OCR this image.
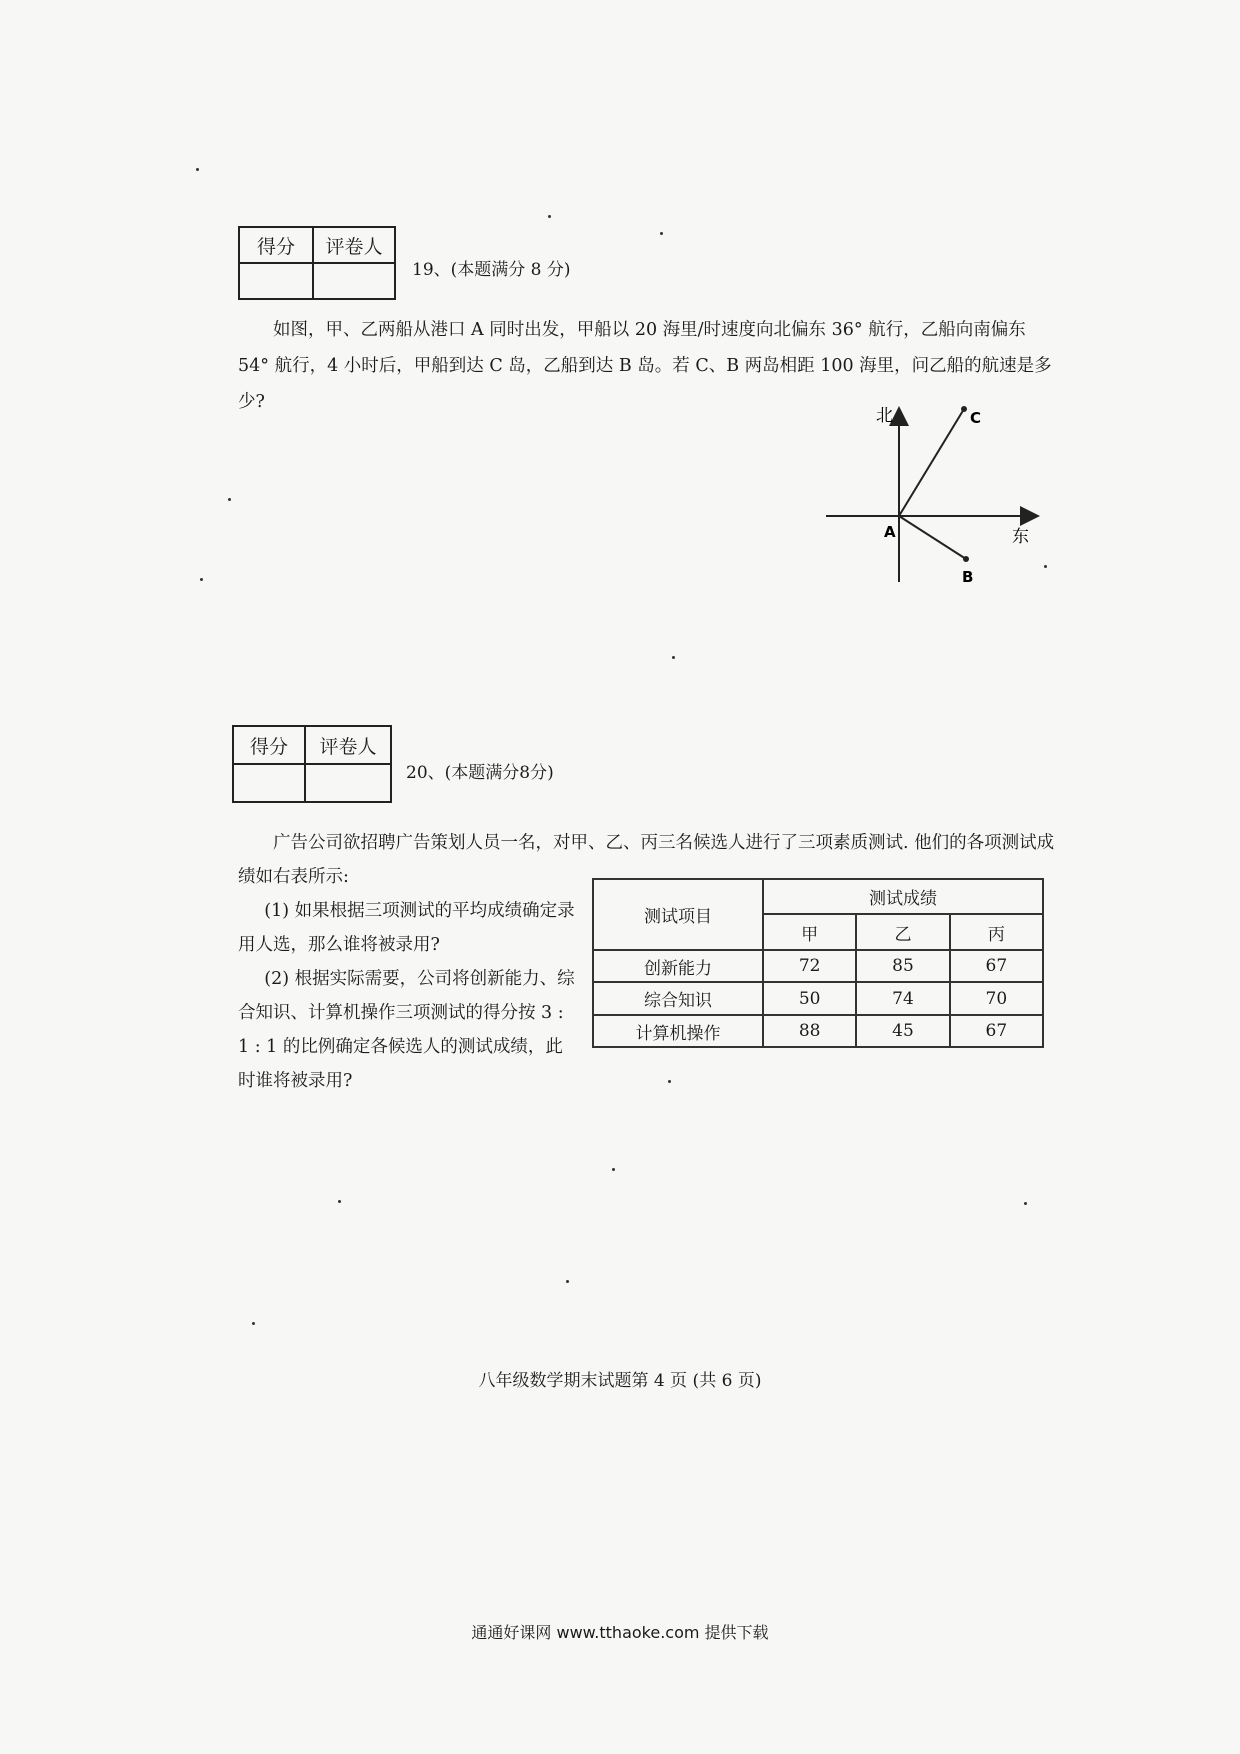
得分	评卷人

19、(本题满分 8 分)
如图，甲、乙两船从港口 A 同时出发，甲船以 20 海里/时速度向北偏东 36° 航行，乙船向南偏东 54° 航行，4 小时后，甲船到达 C 岛，乙船到达 B 岛。若 C、B 两岛相距 100 海里，问乙船的航速是多少?
北
东
A
B
C
得分	评卷人

20、(本题满分8分)
广告公司欲招聘广告策划人员一名，对甲、乙、丙三名候选人进行了三项素质测试. 他们的各项测试成绩如右表所示:
(1) 如果根据三项测试的平均成绩确定录用人选，那么谁将被录用?
(2) 根据实际需要，公司将创新能力、综合知识、计算机操作三项测试的得分按 3 : 1 : 1 的比例确定各候选人的测试成绩，此时谁将被录用?
测试项目	测试成绩		
	甲	乙	丙
创新能力	72	85	67
综合知识	50	74	70
计算机操作	88	45	67
八年级数学期末试题第 4 页 (共 6 页)
通通好课网 www.tthaoke.com 提供下载
